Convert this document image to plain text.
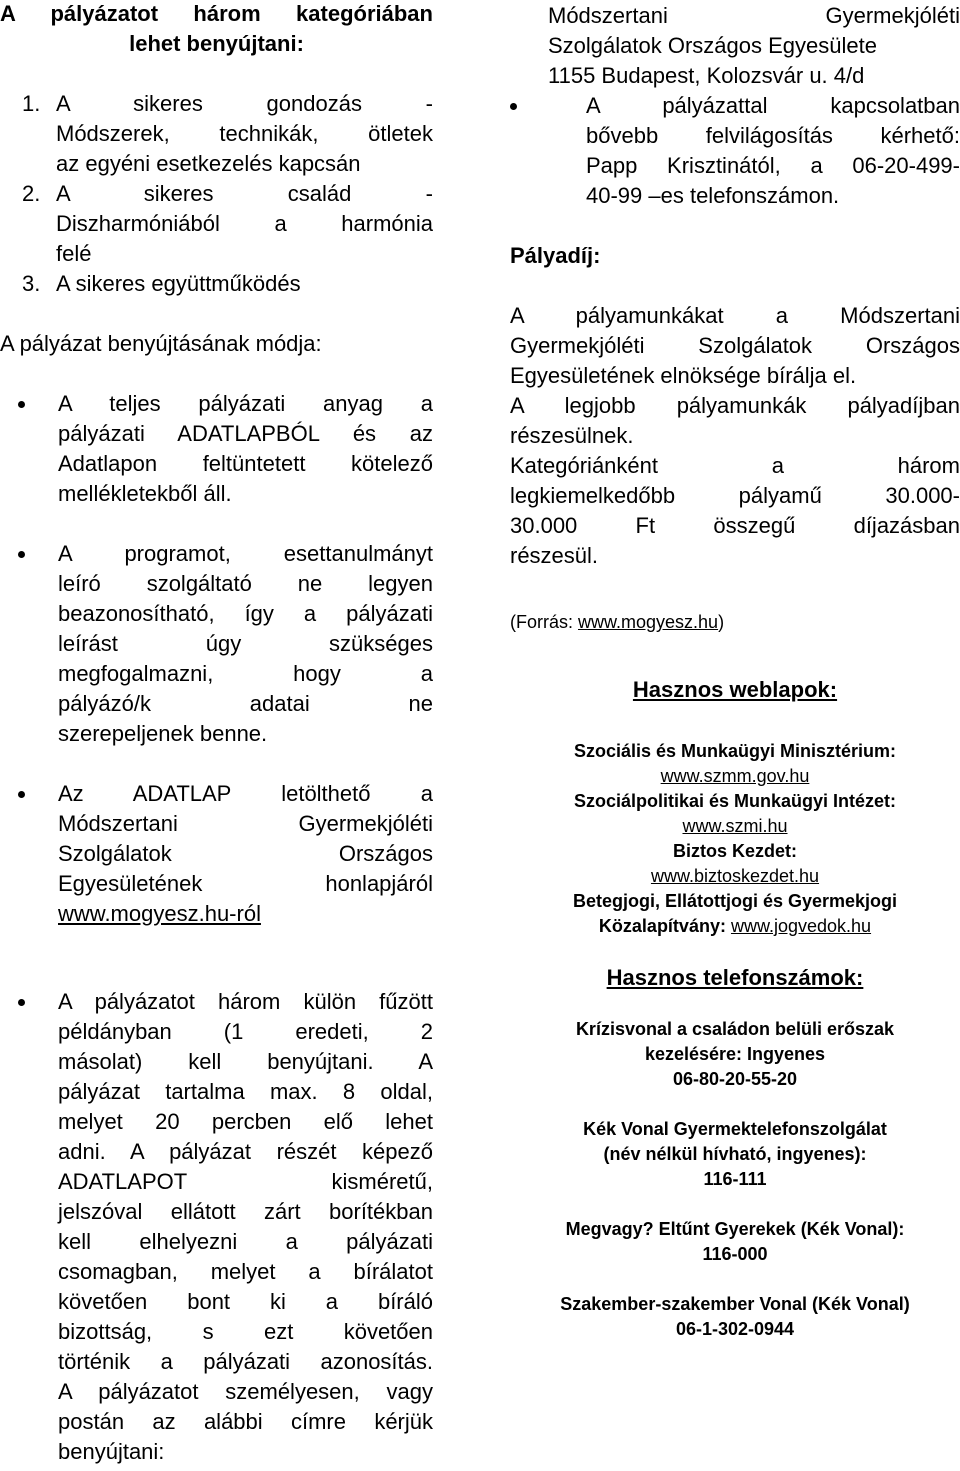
A pályázatot három kategóriában

lehet benyújtani:

1. A sikeres gondozás -
Módszerek, technikák, ötletek
az egyéni esetkezelés kapcsán
2. A sikeres család -
Diszharmóniából a harmónia
felé
3. A sikeres együttműködés

A pályázat benyújtásának módja:

A teljes pályázati anyag a

pályázati ADATLAPBÓL és az

Adatlapon feltüntetett kötelező

mellékletekből áll.

A programot, esettanulmányt

leíró szolgáltató ne legyen

beazonosítható, így a pályázati

leírást úgy szükséges

megfogalmazni, hogy a

pályázó/k adatai ne

szerepeljenek benne.

Az ADATLAP letölthető a

Módszertani Gyermekjóléti

Szolgálatok Országos

Egyesületének honlapjáról

www.mogyesz.hu-ról

A pályázatot három külön fűzött

példányban (1 eredeti, 2

másolat) kell benyújtani. A

pályázat tartalma max. 8 oldal,

melyet 20 percben elő lehet

adni. A pályázat részét képező

ADATLAPOT kisméretű,

jelszóval ellátott zárt borítékban

kell elhelyezni a pályázati

csomagban, melyet a bírálatot

követően bont ki a bíráló

bizottság, s ezt követően

történik a pályázati azonosítás.

A pályázatot személyesen, vagy

postán az alábbi címre kérjük

benyújtani:

Módszertani Gyermekjóléti

Szolgálatok Országos Egyesülete

1155 Budapest, Kolozsvár u. 4/d

A pályázattal kapcsolatban

bővebb felvilágosítás kérhető:

Papp Krisztinától, a 06-20-499-

40-99 –es telefonszámon.

Pályadíj:

A pályamunkákat a Módszertani

Gyermekjóléti Szolgálatok Országos

Egyesületének elnöksége bírálja el.

A legjobb pályamunkák pályadíjban

részesülnek.

Kategóriánként a három

legkiemelkedőbb pályamű 30.000-

30.000 Ft összegű díjazásban

részesül.

(Forrás: www.mogyesz.hu)

Hasznos weblapok:

Szociális és Munkaügyi Minisztérium:

www.szmm.gov.hu

Szociálpolitikai és Munkaügyi Intézet:

www.szmi.hu

Biztos Kezdet:

www.biztoskezdet.hu

Betegjogi, Ellátottjogi és Gyermekjogi

Közalapítvány: www.jogvedok.hu

Hasznos telefonszámok:

Krízisvonal a családon belüli erőszak

kezelésére: Ingyenes

06-80-20-55-20

Kék Vonal Gyermektelefonszolgálat

(név nélkül hívható, ingyenes):

116-111

Megvagy? Eltűnt Gyerekek (Kék Vonal):

116-000

Szakember-szakember Vonal (Kék Vonal)

06-1-302-0944
